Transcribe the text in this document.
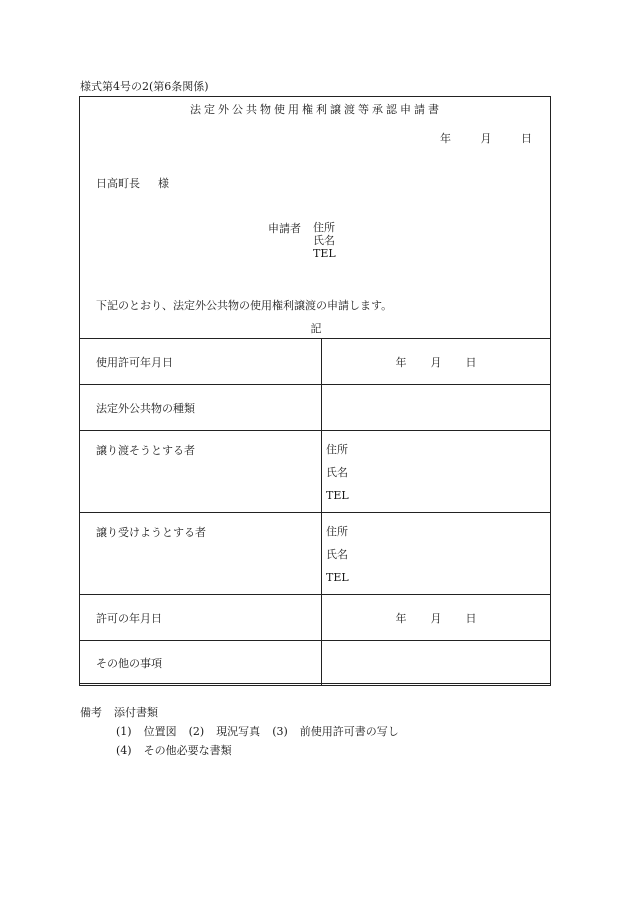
様式第4号の2(第6条関係)
法定外公共物使用権利譲渡等承認申請書
年	月	日
日高町長 様
申請者 住所
氏名
TEL
下記のとおり、法定外公共物の使用権利譲渡の申請します。
記
使用許可年月日	年 月 日
法定外公共物の種類	
譲り渡そうとする者	住所
氏名
TEL

譲り受けようとする者	住所
氏名
TEL

許可の年月日	年 月 日
その他の事項	
備考 添付書類
(1) 位置図 (2) 現況写真 (3) 前使用許可書の写し
(4) その他必要な書類
